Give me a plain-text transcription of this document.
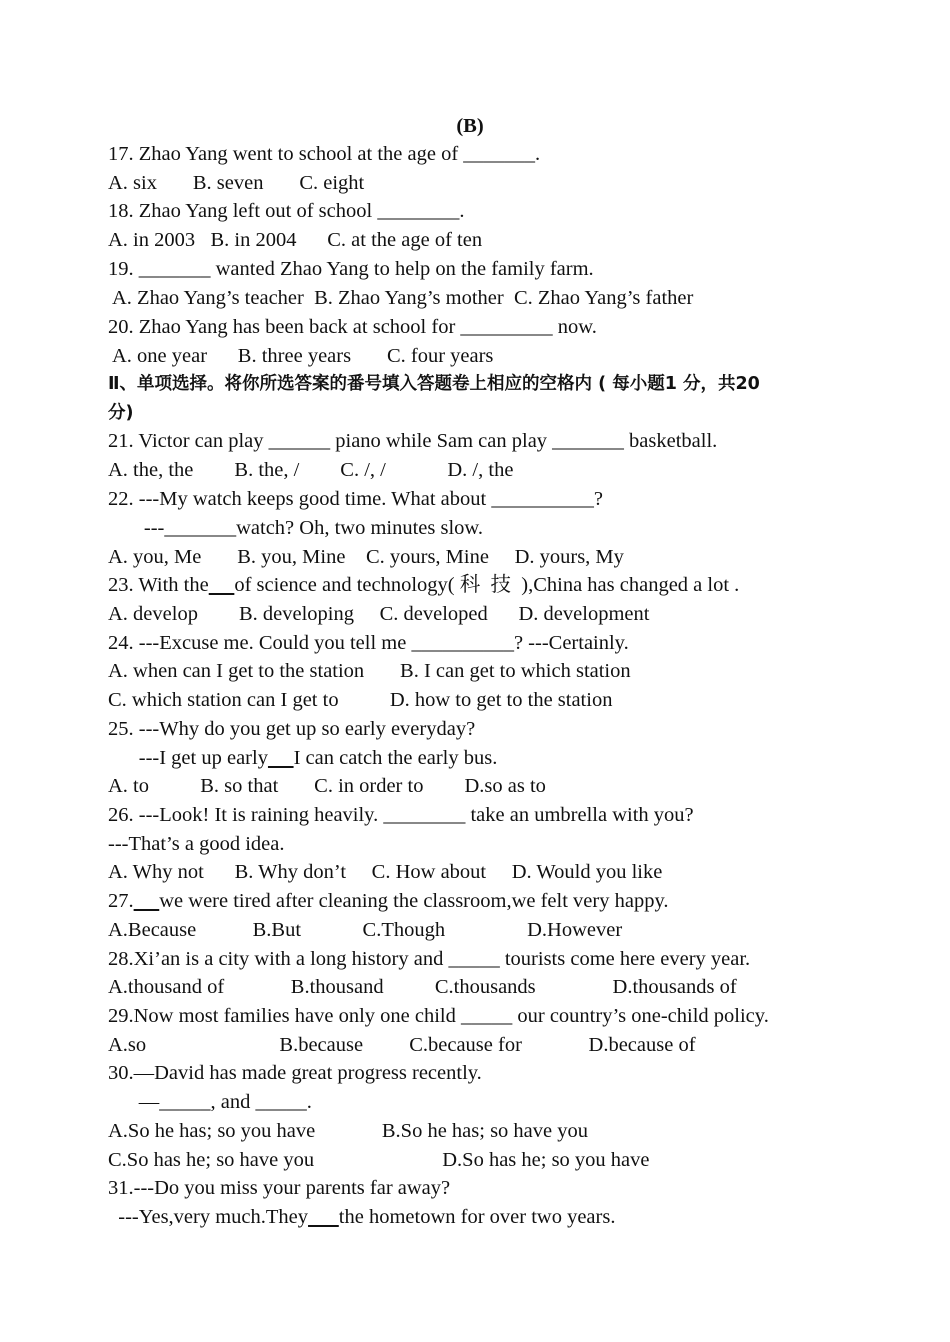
(B)
17. Zhao Yang went to school at the age of _______.
A. six       B. seven       C. eight
18. Zhao Yang left out of school ________.
A. in 2003   B. in 2004      C. at the age of ten
19. _______ wanted Zhao Yang to help on the family farm.
A. Zhao Yang’s teacher  B. Zhao Yang’s mother  C. Zhao Yang’s father
20. Zhao Yang has been back at school for _________ now.
A. one year      B. three years       C. four years
Ⅱ、单项选择。将你所选答案的番号填入答题卷上相应的空格内 ( 每小题1 分，共20
分)
21. Victor can play ______ piano while Sam can play _______ basketball.
A. the, the        B. the, /        C. /, /            D. /, the
22. ---My watch keeps good time. What about __________?
---_______watch? Oh, two minutes slow.
A. you, Me       B. you, Mine    C. yours, Mine     D. yours, My
23. With the of science and technology( 科  技  ),China has changed a lot .
A. develop        B. developing     C. developed      D. development
24. ---Excuse me. Could you tell me __________? ---Certainly.
A. when can I get to the station       B. I can get to which station
C. which station can I get to          D. how to get to the station
25. ---Why do you get up so early everyday?
---I get up early I can catch the early bus.
A. to          B. so that       C. in order to        D.so as to
26. ---Look! It is raining heavily. ________ take an umbrella with you?
---That’s a good idea.
A. Why not      B. Why don’t     C. How about     D. Would you like
27. we were tired after cleaning the classroom,we felt very happy.
A.Because           B.But            C.Though                D.However
28.Xi’an is a city with a long history and _____ tourists come here every year.
A.thousand of             B.thousand          C.thousands               D.thousands of
29.Now most families have only one child _____ our country’s one-child policy.
A.so                          B.because         C.because for             D.because of
30.—David has made great progress recently.
—_____, and _____.
A.So he has; so you have             B.So he has; so have you
C.So has he; so have you                         D.So has he; so you have
31.---Do you miss your parents far away?
---Yes,very much.They the hometown for over two years.
